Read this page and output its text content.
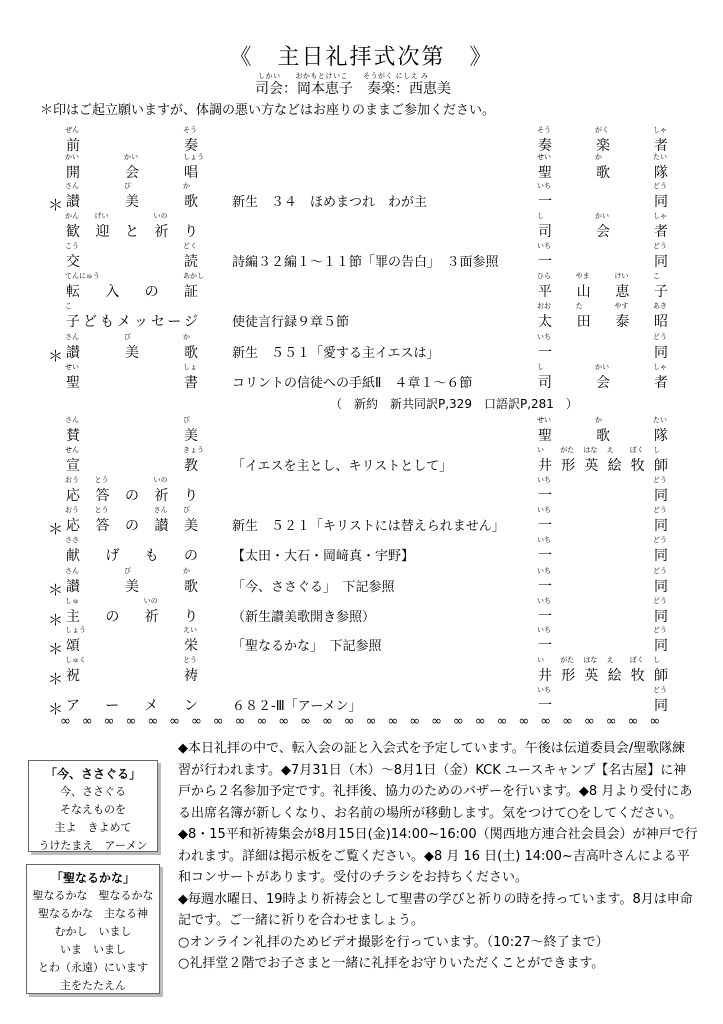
《　主日礼拝式次第　》
しかい　　おかもとけいこ　　そうがく にしえ み
司会：岡本恵子　奏楽：西恵美
＊印はご起立願いますが、体調の悪い方などはお座りのままご参加ください。
前奏	奏楽者
ぜん	そう	そう	がく	しゃ
開会唱	聖歌隊
かい	かい	しょう	せい	か	たい
＊ 讃美歌	新生　３４　ほめまつれ　わが主	一同
さん	び	か	いち	どう
歓迎と祈り	司会者
かん げい	いの	し	かい	しゃ
交読	詩編３２編１～１１節「罪の告白」　３面参照	一同
こう	どく	いち	どう
転入の証	平山恵子
てんにゅう	あかし	ひら	やま	けい	こ
子どもメッセージ	使徒言行録９章５節	太田泰昭
こ	おお	た	やす	あき
＊ 讃美歌	新生　５５１「愛する主イエスは」	一同
さん	び	か	いち	どう
聖書	コリントの信徒への手紙Ⅱ　４章１～６節	司会者
せい	しょ	し	かい	しゃ
賛美	聖歌隊
さん	び	せい	か	たい
宣教	「イエスを主とし、キリストとして」	井形英絵牧師
せん	きょう	い がた はな え ぼく し
応答の祈り	一同
おう とう	いの	いち	どう
＊ 応答の讃美	新生　５２１「キリストには替えられません」 一同
おう とう	さん び	いち	どう
献げもの	【太田・大石・岡﨑真・宇野】	一同
ささ	いち	どう
＊ 讃美歌	「今、ささぐる」　下記参照	一同
さん	び	か	いち	どう
＊ 主の祈り	（新生讃美歌開き参照）	一同
しゅ	いの	いち	どう
＊ 頌栄	「聖なるかな」　下記参照	一同
しょう	えい	いち	どう
＊ 祝祷	井形英絵牧師
しゅく	とう	い がた はな え ぼく し
＊ アーメン	６８２-Ⅲ「アーメン」	一同
いち	どう
（　新約　新共同訳P,329　口語訳P,281　）
∞∞∞∞∞∞∞∞∞∞∞∞∞∞∞∞∞∞∞∞∞∞∞∞∞∞∞∞
「今、ささぐる」
今、ささぐる
そなえものを
主よ　きよめて
うけたまえ　アーメン
「聖なるかな」
聖なるかな　聖なるかな
聖なるかな　主なる神
むかし　いまし
いま　いまし
とわ（永遠）にいます
主をたたえん

◆本日礼拝の中で、転入会の証と入会式を予定しています。午後は伝道委員会/聖歌隊練習が行われます。◆7月31日（木）～8月1日（金）KCK ユースキャンプ【名古屋】に神戸から２名参加予定です。礼拝後、協力のためのバザーを行います。◆8 月より受付にある出席名簿が新しくなり、お名前の場所が移動します。気をつけて○をしてください。

◆8・15平和祈祷集会が8月15日(金)14:00~16:00（関西地方連合社会員会）が神戸で行われます。詳細は掲示板をご覧ください。◆8 月 16 日(土) 14:00~吉高叶さんによる平和コンサートがあります。受付のチラシをお持ちください。

◆毎週水曜日、19時より祈祷会として聖書の学びと祈りの時を持っています。8月は申命記です。ご一緒に祈りを合わせましょう。

○オンライン礼拝のためビデオ撮影を行っています。（10:27～終了まで）

○礼拝堂２階でお子さまと一緒に礼拝をお守りいただくことができます。
